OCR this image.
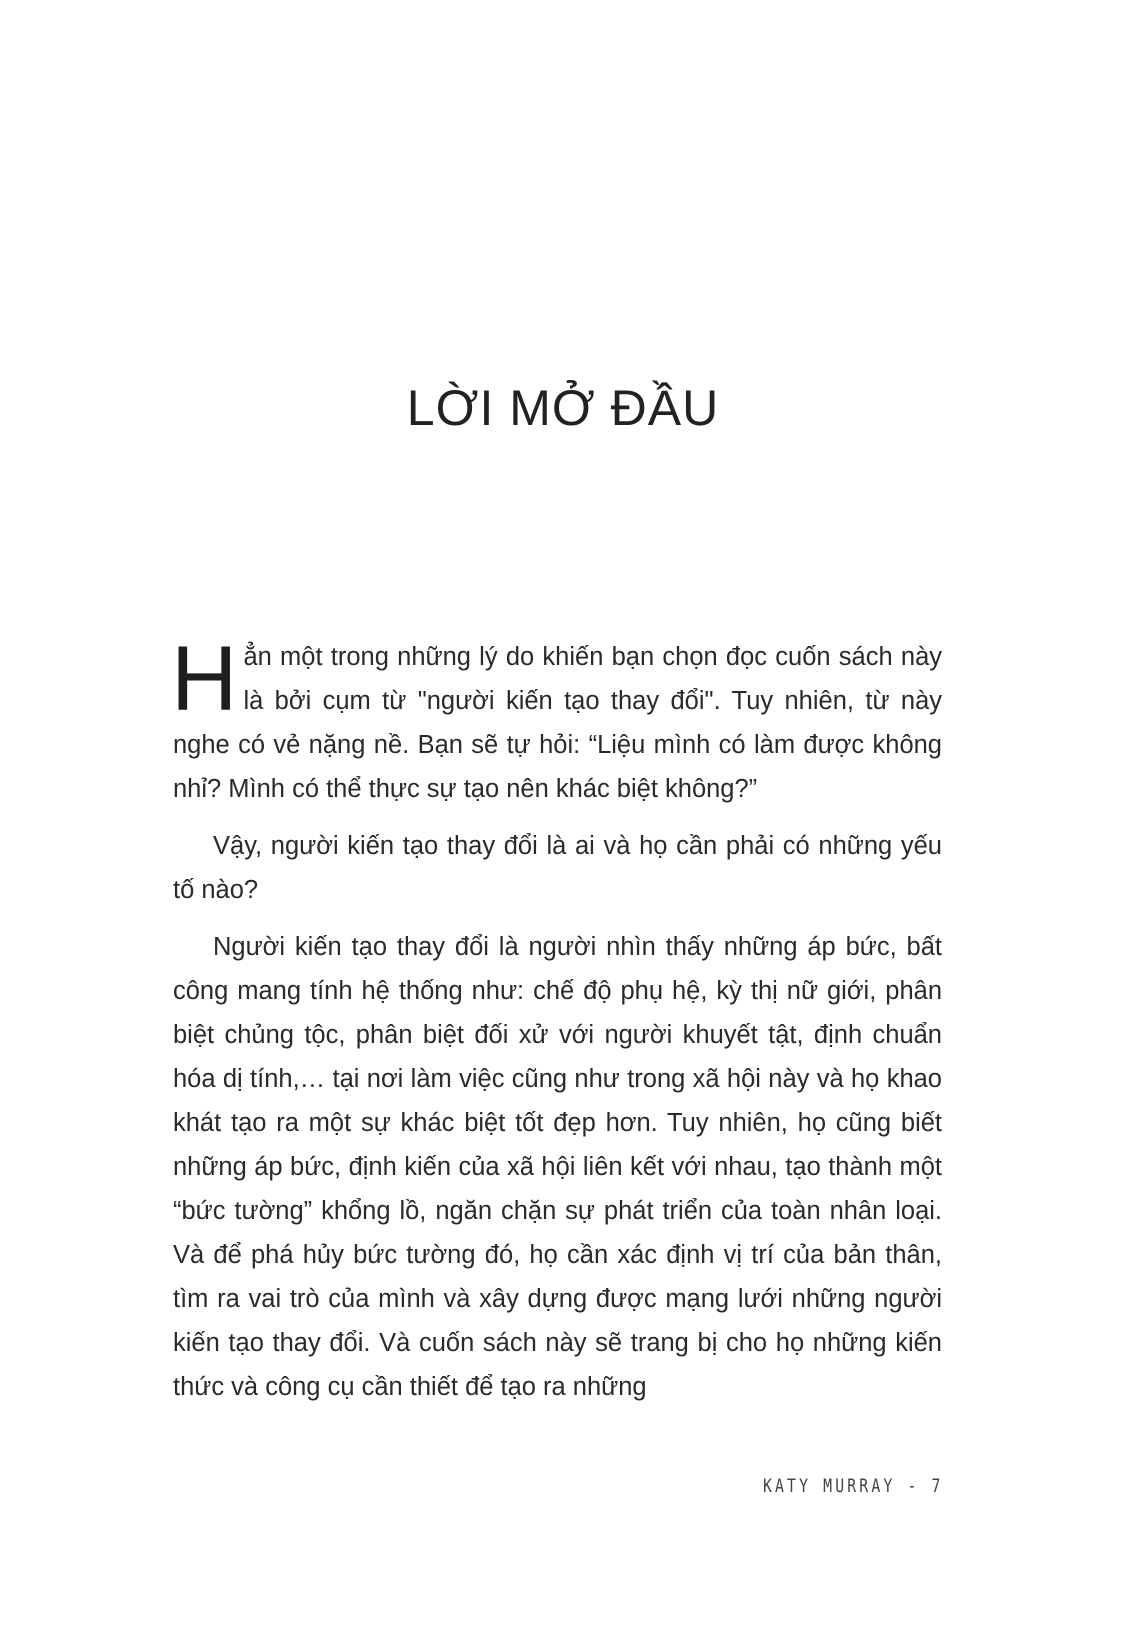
LỜI MỞ ĐẦU

Hẳn một trong những lý do khiến bạn chọn đọc cuốn sách này là bởi cụm từ "người kiến tạo thay đổi". Tuy nhiên, từ này nghe có vẻ nặng nề. Bạn sẽ tự hỏi: “Liệu mình có làm được không nhỉ? Mình có thể thực sự tạo nên khác biệt không?”

Vậy, người kiến tạo thay đổi là ai và họ cần phải có những yếu tố nào?

Người kiến tạo thay đổi là người nhìn thấy những áp bức, bất công mang tính hệ thống như: chế độ phụ hệ, kỳ thị nữ giới, phân biệt chủng tộc, phân biệt đối xử với người khuyết tật, định chuẩn hóa dị tính,… tại nơi làm việc cũng như trong xã hội này và họ khao khát tạo ra một sự khác biệt tốt đẹp hơn. Tuy nhiên, họ cũng biết những áp bức, định kiến của xã hội liên kết với nhau, tạo thành một “bức tường” khổng lồ, ngăn chặn sự phát triển của toàn nhân loại. Và để phá hủy bức tường đó, họ cần xác định vị trí của bản thân, tìm ra vai trò của mình và xây dựng được mạng lưới những người kiến tạo thay đổi. Và cuốn sách này sẽ trang bị cho họ những kiến thức và công cụ cần thiết để tạo ra những

KATY MURRAY - 7
